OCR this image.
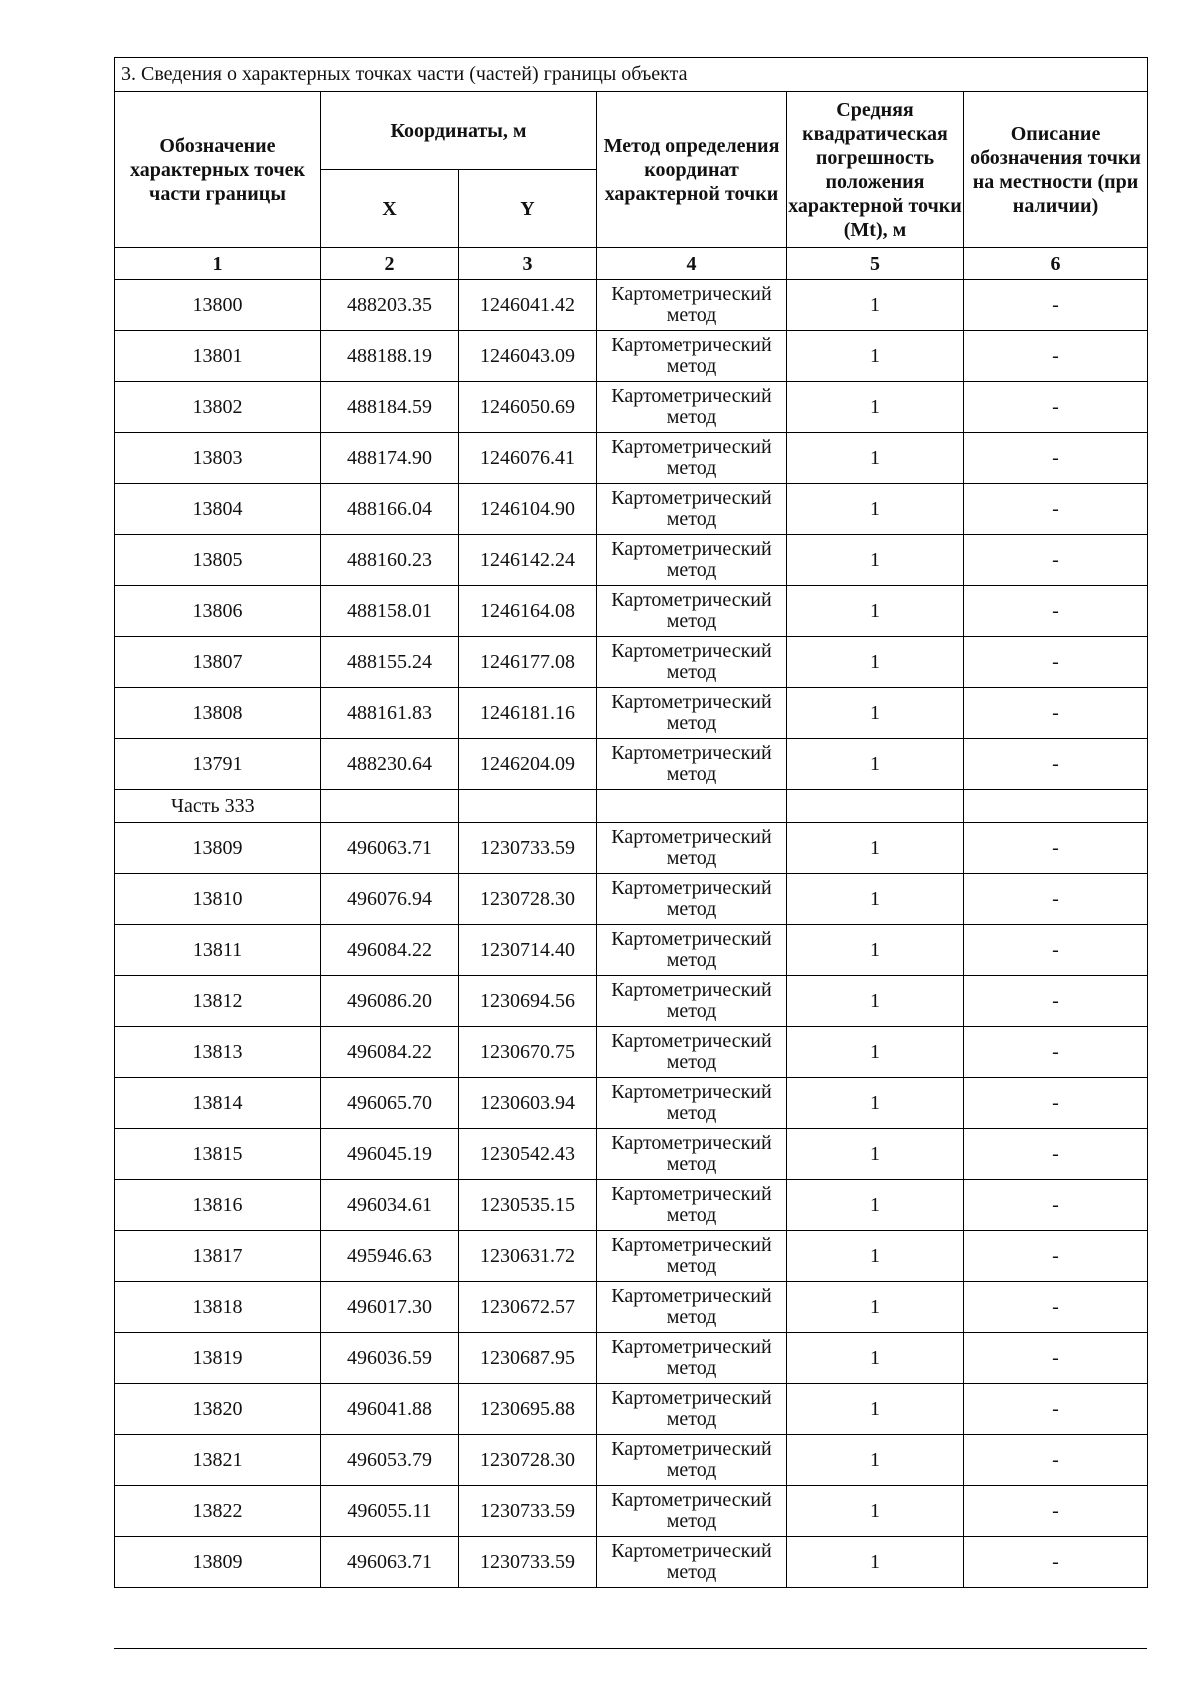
3. Сведения о характерных точках части (частей) границы объекта					
Обозначение характерных точек части границы	Координаты, м		Метод определения координат характерной точки	Средняя квадратическая погрешность положения характерной точки (Mt), м	Описание обозначения точки на местности (при наличии)
	X	Y			
1	2	3	4	5	6
13800	488203.35	1246041.42	Картометрический метод	1	-
13801	488188.19	1246043.09	Картометрический метод	1	-
13802	488184.59	1246050.69	Картометрический метод	1	-
13803	488174.90	1246076.41	Картометрический метод	1	-
13804	488166.04	1246104.90	Картометрический метод	1	-
13805	488160.23	1246142.24	Картометрический метод	1	-
13806	488158.01	1246164.08	Картометрический метод	1	-
13807	488155.24	1246177.08	Картометрический метод	1	-
13808	488161.83	1246181.16	Картометрический метод	1	-
13791	488230.64	1246204.09	Картометрический метод	1	-
Часть 333					
13809	496063.71	1230733.59	Картометрический метод	1	-
13810	496076.94	1230728.30	Картометрический метод	1	-
13811	496084.22	1230714.40	Картометрический метод	1	-
13812	496086.20	1230694.56	Картометрический метод	1	-
13813	496084.22	1230670.75	Картометрический метод	1	-
13814	496065.70	1230603.94	Картометрический метод	1	-
13815	496045.19	1230542.43	Картометрический метод	1	-
13816	496034.61	1230535.15	Картометрический метод	1	-
13817	495946.63	1230631.72	Картометрический метод	1	-
13818	496017.30	1230672.57	Картометрический метод	1	-
13819	496036.59	1230687.95	Картометрический метод	1	-
13820	496041.88	1230695.88	Картометрический метод	1	-
13821	496053.79	1230728.30	Картометрический метод	1	-
13822	496055.11	1230733.59	Картометрический метод	1	-
13809	496063.71	1230733.59	Картометрический метод	1	-
